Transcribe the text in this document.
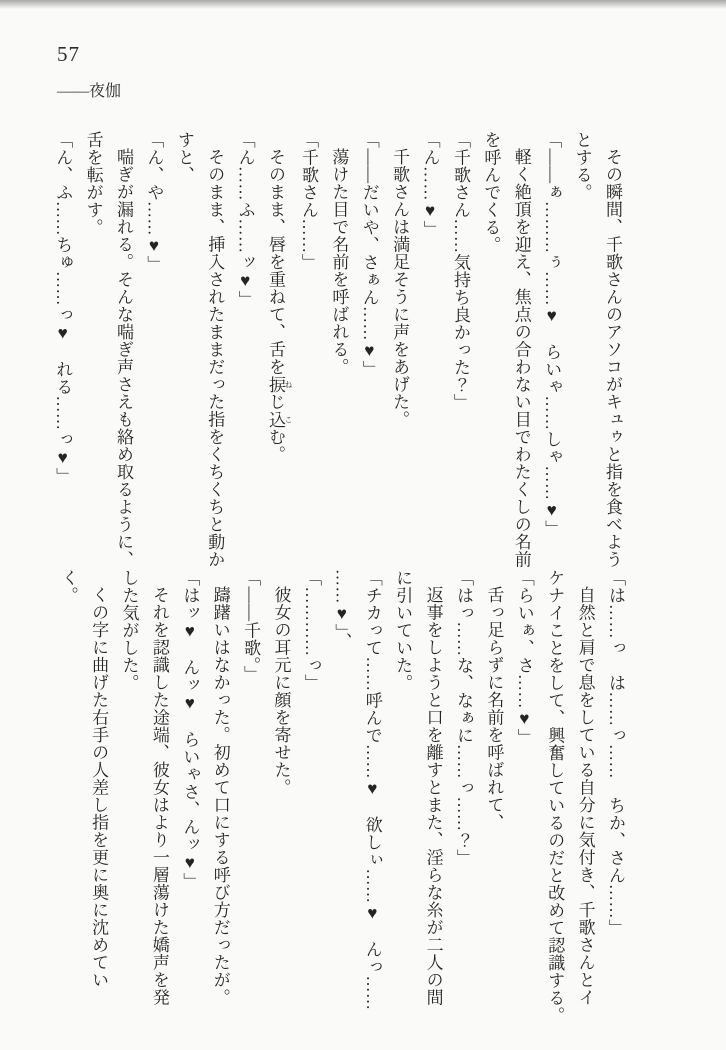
57
——夜伽

その瞬間、千歌さんのアソコがキュゥと指を食べよう

とする。

「——ぁ………ぅ……♥　らいゃ……しゃ……♥」

軽く絶頂を迎え、焦点の合わない目でわたくしの名前

を呼んでくる。

「千歌さん……気持ち良かった？」

「ん……♥」

千歌さんは満足そうに声をあげた。

「——だいや、さぁん……♥」

蕩けた目で名前を呼ばれる。

「千歌さん……」

そのまま、唇を重ねて、舌を捩 ねじ込 こむ。

「ん……ふ……ッ♥」

そのまま、挿入されたままだった指をくちくちと動か

すと、

「ん、や……♥」

喘ぎが漏れる。そんな喘ぎ声さえも絡め取るように、

舌を転がす。

「ん、ふ……ちゅ……っ♥　れる……っ♥」

「は……っ　は……っ……　ちか、さん……」

自然と肩で息をしている自分に気付き、千歌さんとイ

ケナイことをして、興奮しているのだと改めて認識する。

「らいぁ、さ……♥」

舌っ足らずに名前を呼ばれて、

「はっ……な、なぁに……っ……？」

返事をしようと口を離すとまた、淫らな糸が二人の間

に引いていた。

「チカって……呼んで……♥　欲しぃ……♥　んっ……

……♥」、

「…………っ」

彼女の耳元に顔を寄せた。

「——千歌。」

躊躇いはなかった。初めて口にする呼び方だったが。

「はッ♥　んッ♥　らいゃさ、んッ♥」

それを認識した途端、彼女はより一層蕩けた嬌声を発

した気がした。

くの字に曲げた右手の人差し指を更に奥に沈めてい

く。
